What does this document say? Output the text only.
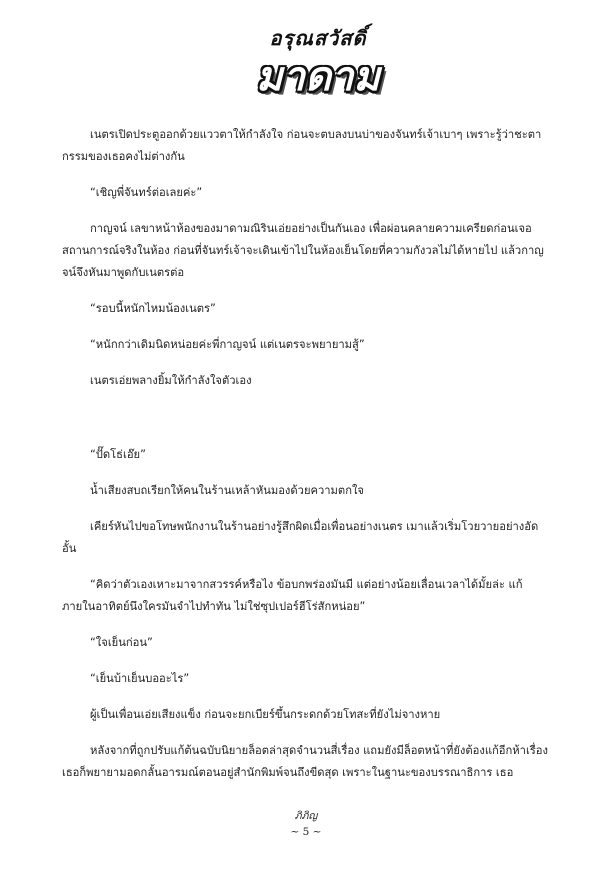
อรุณสวัสดิ์
มาดาม
เนตรเปิดประตูออกด้วยแววตาให้กำลังใจ ก่อนจะตบลงบนบ่าของจันทร์เจ้าเบาๆ เพราะรู้ว่าชะตากรรมของเธอคงไม่ต่างกัน
“เชิญพี่จันทร์ต่อเลยค่ะ”
กาญจน์ เลขาหน้าห้องของมาดามณิรินเอ่ยอย่างเป็นกันเอง เพื่อผ่อนคลายความเครียดก่อนเจอสถานการณ์จริงในห้อง ก่อนที่จันทร์เจ้าจะเดินเข้าไปในห้องเย็นโดยที่ความกังวลไม่ได้หายไป แล้วกาญจน์จึงหันมาพูดกับเนตรต่อ
“รอบนี้หนักไหมน้องเนตร”
“หนักกว่าเดิมนิดหน่อยค่ะพี่กาญจน์ แต่เนตรจะพยายามสู้”
เนตรเอ่ยพลางยิ้มให้กำลังใจตัวเอง
“ปั๊ดโธ่เอ๊ย”
น้ำเสียงสบถเรียกให้คนในร้านเหล้าหันมองด้วยความตกใจ
เคียร์หันไปขอโทษพนักงานในร้านอย่างรู้สึกผิดเมื่อเพื่อนอย่างเนตร เมาแล้วเริ่มโวยวายอย่างอัดอั้น
“คิดว่าตัวเองเหาะมาจากสวรรค์หรือไง ข้อบกพร่องมันมี แต่อย่างน้อยเลื่อนเวลาได้มั้ยล่ะ แก้ภายในอาทิตย์นึงใครมันจำไปทำทัน ไม่ใช่ซุปเปอร์ฮีโร่สักหน่อย”
“ใจเย็นก่อน”
“เย็นบ้าเย็นบออะไร”
ผู้เป็นเพื่อนเอ่ยเสียงแข็ง ก่อนจะยกเบียร์ขึ้นกระดกด้วยโทสะที่ยังไม่จางหาย
หลังจากที่ถูกปรับแก้ต้นฉบับนิยายล็อตล่าสุดจำนวนสี่เรื่อง แถมยังมีล็อตหน้าที่ยังต้องแก้อีกห้าเรื่อง เธอก็พยายามอดกลั้นอารมณ์ตอนอยู่สำนักพิมพ์จนถึงขีดสุด เพราะในฐานะของบรรณาธิการ เธอ
ภิภิญ
~ 5 ~
